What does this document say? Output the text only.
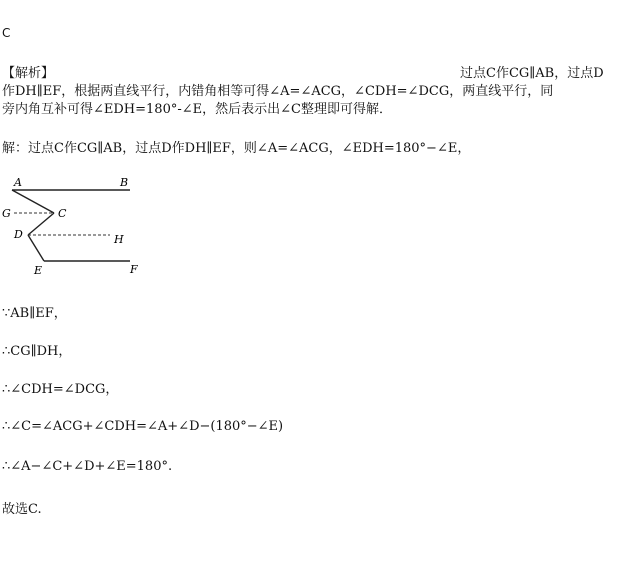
C
【解析】	过点C作CG∥AB，过点D
作DH∥EF，根据两直线平行，内错角相等可得∠A=∠ACG，∠CDH=∠DCG，两直线平行，同
旁内角互补可得∠EDH=180°-∠E，然后表示出∠C整理即可得解．
解：过点C作CG∥AB，过点D作DH∥EF，则∠A=∠ACG，∠EDH=180°−∠E，
A	B
G	C
D	H
E	F
∵AB∥EF，
∴CG∥DH，
∴∠CDH=∠DCG，
∴∠C=∠ACG+∠CDH=∠A+∠D−(180°−∠E)
∴∠A−∠C+∠D+∠E=180°.
故选C.
